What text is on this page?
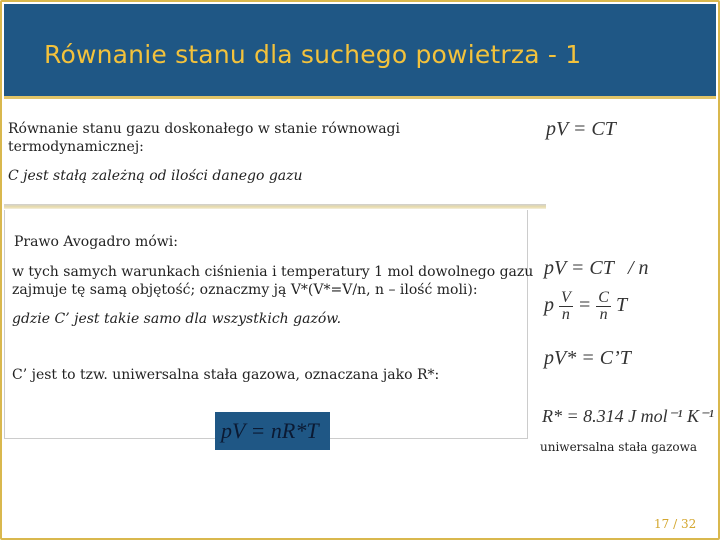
Równanie stanu dla suchego powietrza - 1
Równanie stanu gazu doskonałego w stanie równowagi
termodynamicznej:
C jest stałą zależną od ilości danego gazu
pV = CT
Prawo Avogadro mówi:
w tych samych warunkach ciśnienia i temperatury 1 mol dowolnego gazu
zajmuje tę samą objętość; oznaczmy ją V*(V*=V/n, n – ilość moli):
gdzie C’ jest takie samo dla wszystkich gazów.
C’ jest to tzw. uniwersalna stała gazowa, oznaczana jako R*:
pV = nR*T
pV = CT / n
p $\frac{V}{n} = \frac{C}{n}$ T
pV* = C’T
R* = 8.314 J mol⁻¹ K⁻¹
uniwersalna stała gazowa
17 / 32
